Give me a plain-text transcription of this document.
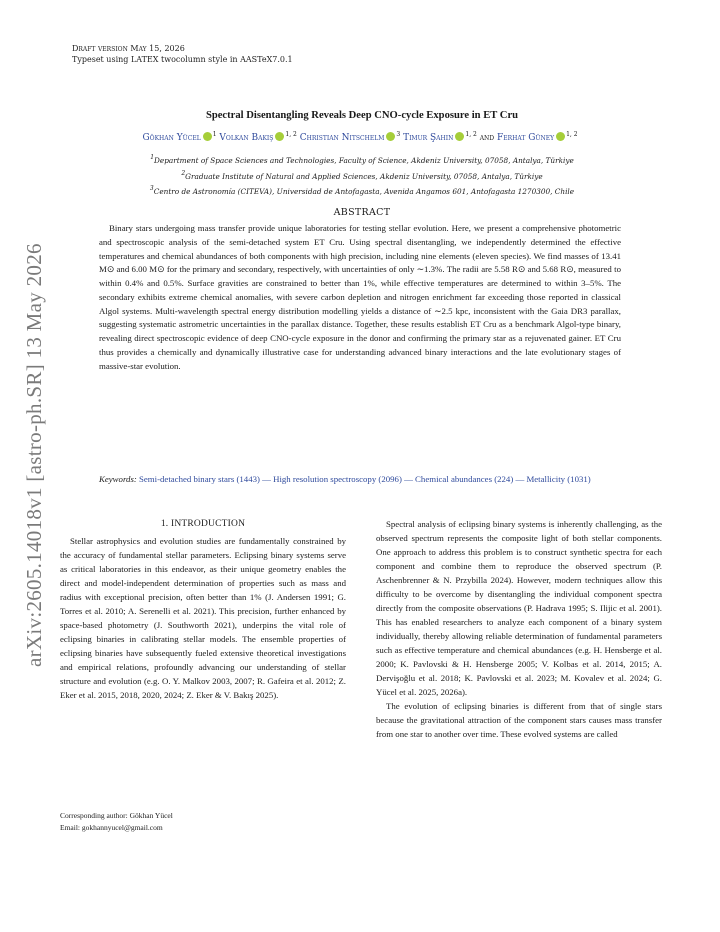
arXiv:2605.14018v1 [astro-ph.SR] 13 May 2026
Draft version May 15, 2026
Typeset using LATEX twocolumn style in AASTeX7.0.1
Spectral Disentangling Reveals Deep CNO-cycle Exposure in ET Cru
Gökhan Yücel $^1$ Volkan Bakış $^{1, 2}$ Christian Nitschelm $^3$ Timur Şahin $^{1, 2}$ and Ferhat Güney $^{1, 2}$
$^1$Department of Space Sciences and Technologies, Faculty of Science, Akdeniz University, 07058, Antalya, Türkiye
$^2$Graduate Institute of Natural and Applied Sciences, Akdeniz University, 07058, Antalya, Türkiye
$^3$Centro de Astronomía (CITEVA), Universidad de Antofagasta, Avenida Angamos 601, Antofagasta 1270300, Chile
ABSTRACT
Binary stars undergoing mass transfer provide unique laboratories for testing stellar evolution. Here, we present a comprehensive photometric and spectroscopic analysis of the semi-detached system ET Cru. Using spectral disentangling, we independently determined the effective temperatures and chemical abundances of both components with high precision, including nine elements (eleven species). We find masses of 13.41 M⊙ and 6.00 M⊙ for the primary and secondary, respectively, with uncertainties of only ∼1.3%. The radii are 5.58 R⊙ and 5.68 R⊙, measured to within 0.4% and 0.5%. Surface gravities are constrained to better than 1%, while effective temperatures are determined to within 3–5%. The secondary exhibits extreme chemical anomalies, with severe carbon depletion and nitrogen enrichment far exceeding those reported in classical Algol systems. Multi-wavelength spectral energy distribution modelling yields a distance of ∼2.5 kpc, inconsistent with the Gaia DR3 parallax, suggesting systematic astrometric uncertainties in the parallax distance. Together, these results establish ET Cru as a benchmark Algol-type binary, revealing direct spectroscopic evidence of deep CNO-cycle exposure in the donor and confirming the primary star as a rejuvenated gainer. ET Cru thus provides a chemically and dynamically illustrative case for understanding advanced binary interactions and the late evolutionary stages of massive-star evolution.
Keywords: Semi-detached binary stars (1443) — High resolution spectroscopy (2096) — Chemical abundances (224) — Metallicity (1031)
1. INTRODUCTION

Stellar astrophysics and evolution studies are fundamentally constrained by the accuracy of fundamental stellar parameters. Eclipsing binary systems serve as critical laboratories in this endeavor, as their unique geometry enables the direct and model-independent determination of properties such as mass and radius with exceptional precision, often better than 1% (J. Andersen 1991; G. Torres et al. 2010; A. Serenelli et al. 2021). This precision, further enhanced by space-based photometry (J. Southworth 2021), underpins the vital role of eclipsing binaries in calibrating stellar models. The ensemble properties of eclipsing binaries have subsequently fueled extensive theoretical investigations and empirical relations, profoundly advancing our understanding of stellar structure and evolution (e.g. O. Y. Malkov 2003, 2007; R. Gafeira et al. 2012; Z. Eker et al. 2015, 2018, 2020, 2024; Z. Eker & V. Bakış 2025).

Spectral analysis of eclipsing binary systems is inherently challenging, as the observed spectrum represents the composite light of both stellar components. One approach to address this problem is to construct synthetic spectra for each component and combine them to reproduce the observed spectrum (P. Aschenbrenner & N. Przybilla 2024). However, modern techniques allow this difficulty to be overcome by disentangling the individual component spectra directly from the composite observations (P. Hadrava 1995; S. Ilijic et al. 2001). This has enabled researchers to analyze each component of a binary system individually, thereby allowing reliable determination of fundamental parameters such as effective temperature and chemical abundances (e.g. H. Hensberge et al. 2000; K. Pavlovski & H. Hensberge 2005; V. Kolbas et al. 2014, 2015; A. Dervişoğlu et al. 2018; K. Pavlovski et al. 2023; M. Kovalev et al. 2024; G. Yücel et al. 2025, 2026a).

The evolution of eclipsing binaries is different from that of single stars because the gravitational attraction of the component stars causes mass transfer from one star to another over time. These evolved systems are called

Corresponding author: Gökhan Yücel
Email: gokhannyucel@gmail.com
